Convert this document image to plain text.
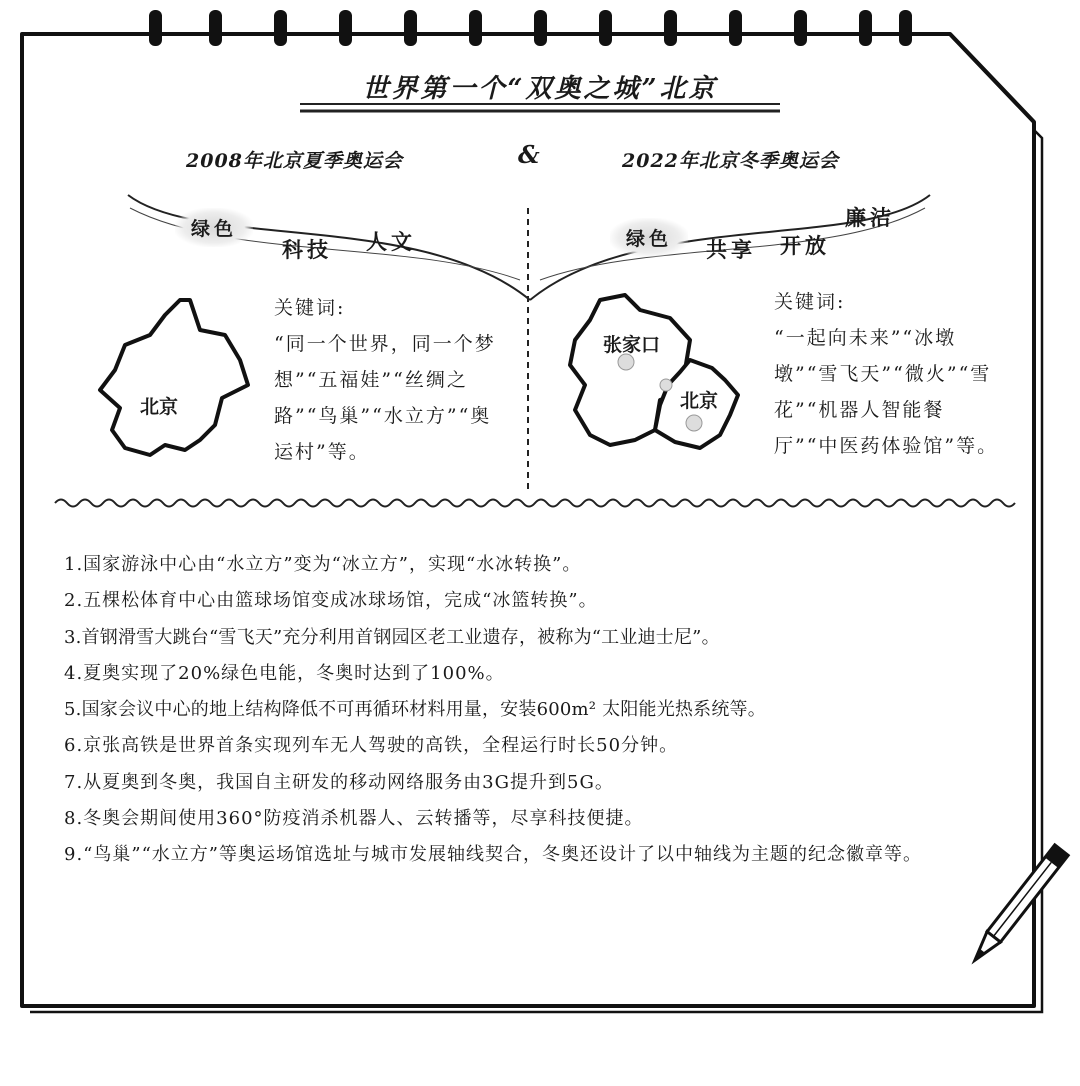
世界第一个“双奥之城”北京
2008年北京夏季奥运会	&	2022年北京冬季奥运会
绿色
科技 人文	绿色	共享 开放
廉洁
北京
张家口
北京
关键词:
“同一个世界，同一个梦想”“五福娃”“丝绸之路”“鸟巢”“水立方”“奥运村”等。
关键词:
“一起向未来”“冰墩墩”“雪飞天”“微火”“雪花”“机器人智能餐厅”“中医药体验馆”等。
1.国家游泳中心由“水立方”变为“冰立方”，实现“水冰转换”。
2.五棵松体育中心由篮球场馆变成冰球场馆，完成“冰篮转换”。
3.首钢滑雪大跳台“雪飞天”充分利用首钢园区老工业遗存，被称为“工业迪士尼”。
4.夏奥实现了20%绿色电能，冬奥时达到了100%。
5.国家会议中心的地上结构降低不可再循环材料用量，安装600m² 太阳能光热系统等。
6.京张高铁是世界首条实现列车无人驾驶的高铁，全程运行时长50分钟。
7.从夏奥到冬奥，我国自主研发的移动网络服务由3G提升到5G。
8.冬奥会期间使用360°防疫消杀机器人、云转播等，尽享科技便捷。
9.“鸟巢”“水立方”等奥运场馆选址与城市发展轴线契合，冬奥还设计了以中轴线为主题的纪念徽章等。
